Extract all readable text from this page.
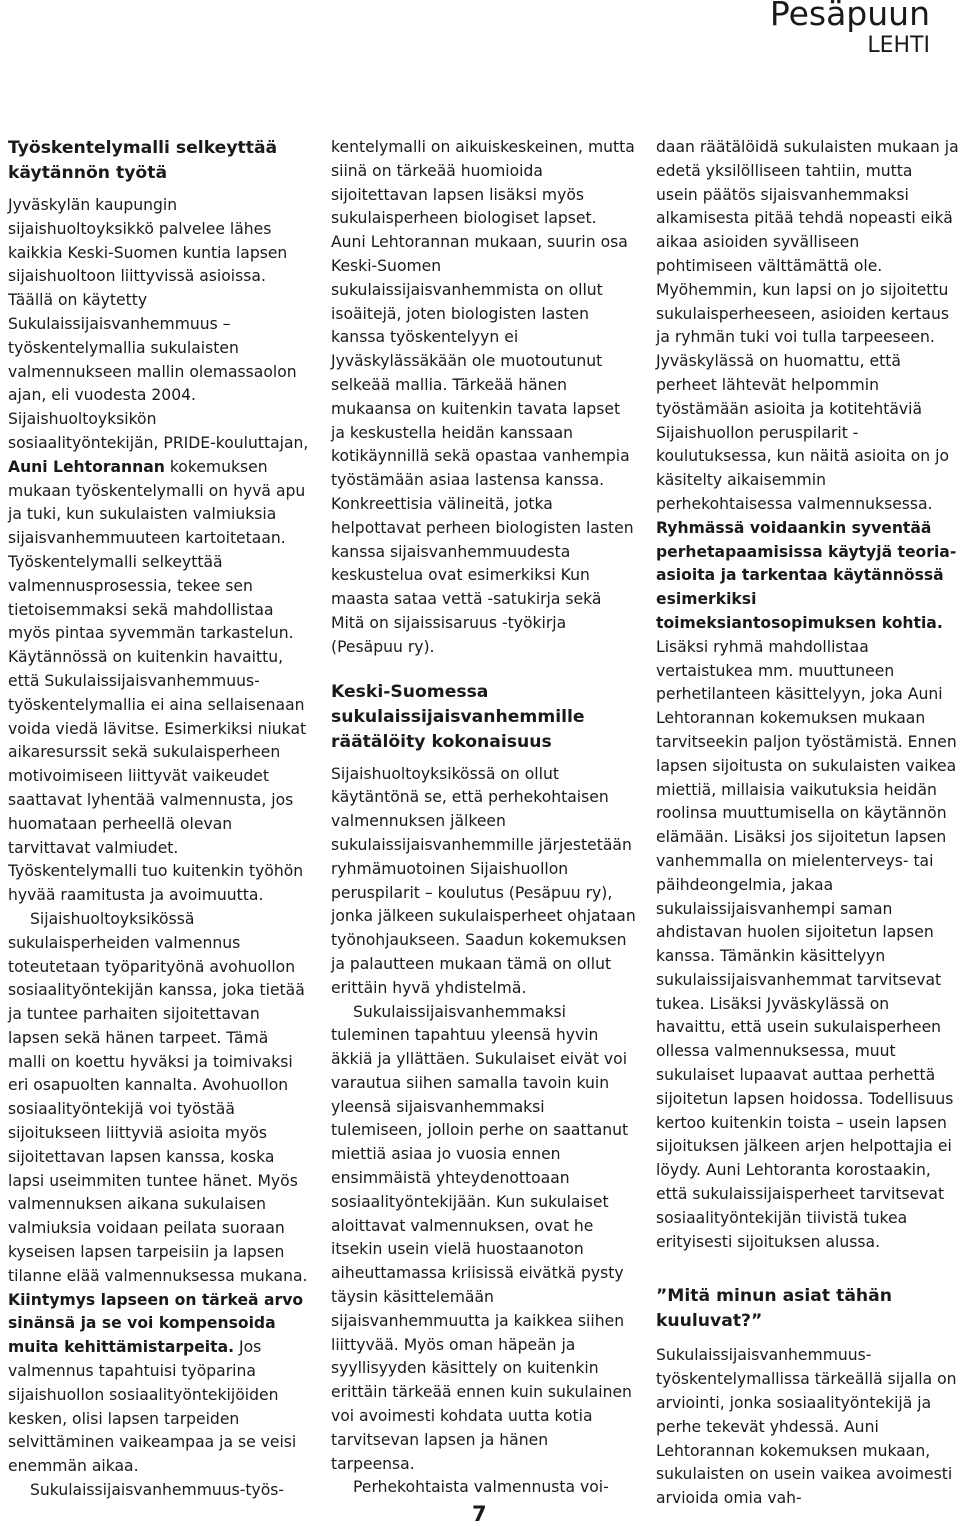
Pesäpuun
LEHTI

Työskentelymalli selkeyttää käytännön työtä

Jyväskylän kaupungin sijaishuoltoyksikkö palvelee lähes kaikkia Keski-Suomen kuntia lapsen sijaishuoltoon liittyvissä asioissa. Täällä on käytetty Sukulaissijaisvanhemmuus – työskentelymallia sukulaisten valmennukseen mallin olemassaolon ajan, eli vuodesta 2004. Sijaishuoltoyksikön sosiaalityöntekijän, PRIDE-kouluttajan, Auni Lehtorannan kokemuksen mukaan työskentelymalli on hyvä apu ja tuki, kun sukulaisten valmiuksia sijaisvanhemmuuteen kartoitetaan. Työskentelymalli selkeyttää valmennusprosessia, tekee sen tietoisemmaksi sekä mahdollistaa myös pintaa syvemmän tarkastelun. Käytännössä on kuitenkin havaittu, että Sukulaissijaisvanhemmuus-työskentelymallia ei aina sellaisenaan voida viedä lävitse. Esimerkiksi niukat aikaresurssit sekä sukulaisperheen motivoimiseen liittyvät vaikeudet saattavat lyhentää valmennusta, jos huomataan perheellä olevan tarvittavat valmiudet. Työskentelymalli tuo kuitenkin työhön hyvää raamitusta ja avoimuutta.

Sijaishuoltoyksikössä sukulaisperheiden valmennus toteutetaan työparityönä avohuollon sosiaalityöntekijän kanssa, joka tietää ja tuntee parhaiten sijoitettavan lapsen sekä hänen tarpeet. Tämä malli on koettu hyväksi ja toimivaksi eri osapuolten kannalta. Avohuollon sosiaalityöntekijä voi työstää sijoitukseen liittyviä asioita myös sijoitettavan lapsen kanssa, koska lapsi useimmiten tuntee hänet. Myös valmennuksen aikana sukulaisen valmiuksia voidaan peilata suoraan kyseisen lapsen tarpeisiin ja lapsen tilanne elää valmennuksessa mukana. Kiintymys lapseen on tärkeä arvo sinänsä ja se voi kompensoida muita kehittämistarpeita. Jos valmennus tapahtuisi työparina sijaishuollon sosiaalityöntekijöiden kesken, olisi lapsen tarpeiden selvittäminen vaikeampaa ja se veisi enemmän aikaa.

Sukulaissijaisvanhemmuus-työs-

kentelymalli on aikuiskeskeinen, mutta siinä on tärkeää huomioida sijoitettavan lapsen lisäksi myös sukulaisperheen biologiset lapset. Auni Lehtorannan mukaan, suurin osa Keski-Suomen sukulaissijaisvanhemmista on ollut isoäitejä, joten biologisten lasten kanssa työskentelyyn ei Jyväskylässäkään ole muotoutunut selkeää mallia. Tärkeää hänen mukaansa on kuitenkin tavata lapset ja keskustella heidän kanssaan kotikäynnillä sekä opastaa vanhempia työstämään asiaa lastensa kanssa. Konkreettisia välineitä, jotka helpottavat perheen biologisten lasten kanssa sijaisvanhemmuudesta keskustelua ovat esimerkiksi Kun maasta sataa vettä -satukirja sekä Mitä on sijaissisaruus -työkirja (Pesäpuu ry).

Keski-Suomessa sukulaissijaisvanhemmille räätälöity kokonaisuus

Sijaishuoltoyksikössä on ollut käytäntönä se, että perhekohtaisen valmennuksen jälkeen sukulaissijaisvanhemmille järjestetään ryhmämuotoinen Sijaishuollon peruspilarit – koulutus (Pesäpuu ry), jonka jälkeen sukulaisperheet ohjataan työnohjaukseen. Saadun kokemuksen ja palautteen mukaan tämä on ollut erittäin hyvä yhdistelmä.

Sukulaissijaisvanhemmaksi tuleminen tapahtuu yleensä hyvin äkkiä ja yllättäen. Sukulaiset eivät voi varautua siihen samalla tavoin kuin yleensä sijaisvanhemmaksi tulemiseen, jolloin perhe on saattanut miettiä asiaa jo vuosia ennen ensimmäistä yhteydenottoaan sosiaalityöntekijään. Kun sukulaiset aloittavat valmennuksen, ovat he itsekin usein vielä huostaanoton aiheuttamassa kriisissä eivätkä pysty täysin käsittelemään sijaisvanhemmuutta ja kaikkea siihen liittyvää. Myös oman häpeän ja syyllisyyden käsittely on kuitenkin erittäin tärkeää ennen kuin sukulainen voi avoimesti kohdata uutta kotia tarvitsevan lapsen ja hänen tarpeensa.

Perhekohtaista valmennusta voi-

daan räätälöidä sukulaisten mukaan ja edetä yksilölliseen tahtiin, mutta usein päätös sijaisvanhemmaksi alkamisesta pitää tehdä nopeasti eikä aikaa asioiden syvälliseen pohtimiseen välttämättä ole. Myöhemmin, kun lapsi on jo sijoitettu sukulaisperheeseen, asioiden kertaus ja ryhmän tuki voi tulla tarpeeseen. Jyväskylässä on huomattu, että perheet lähtevät helpommin työstämään asioita ja kotitehtäviä Sijaishuollon peruspilarit -koulutuksessa, kun näitä asioita on jo käsitelty aikaisemmin perhekohtaisessa valmennuksessa. Ryhmässä voidaankin syventää perhetapaamisissa käytyjä teoria-asioita ja tarkentaa käytännössä esimerkiksi toimeksiantosopimuksen kohtia. Lisäksi ryhmä mahdollistaa vertaistukea mm. muuttuneen perhetilanteen käsittelyyn, joka Auni Lehtorannan kokemuksen mukaan tarvitseekin paljon työstämistä. Ennen lapsen sijoitusta on sukulaisten vaikea miettiä, millaisia vaikutuksia heidän roolinsa muuttumisella on käytännön elämään. Lisäksi jos sijoitetun lapsen vanhemmalla on mielenterveys- tai päihdeongelmia, jakaa sukulaissijaisvanhempi saman ahdistavan huolen sijoitetun lapsen kanssa. Tämänkin käsittelyyn sukulaissijaisvanhemmat tarvitsevat tukea. Lisäksi Jyväskylässä on havaittu, että usein sukulaisperheen ollessa valmennuksessa, muut sukulaiset lupaavat auttaa perhettä sijoitetun lapsen hoidossa. Todellisuus kertoo kuitenkin toista – usein lapsen sijoituksen jälkeen arjen helpottajia ei löydy. Auni Lehtoranta korostaakin, että sukulaissijaisperheet tarvitsevat sosiaalityöntekijän tiivistä tukea erityisesti sijoituksen alussa.

”Mitä minun asiat tähän kuuluvat?”

Sukulaissijaisvanhemmuus-työskentelymallissa tärkeällä sijalla on arviointi, jonka sosiaalityöntekijä ja perhe tekevät yhdessä. Auni Lehtorannan kokemuksen mukaan, sukulaisten on usein vaikea avoimesti arvioida omia vah-

7
